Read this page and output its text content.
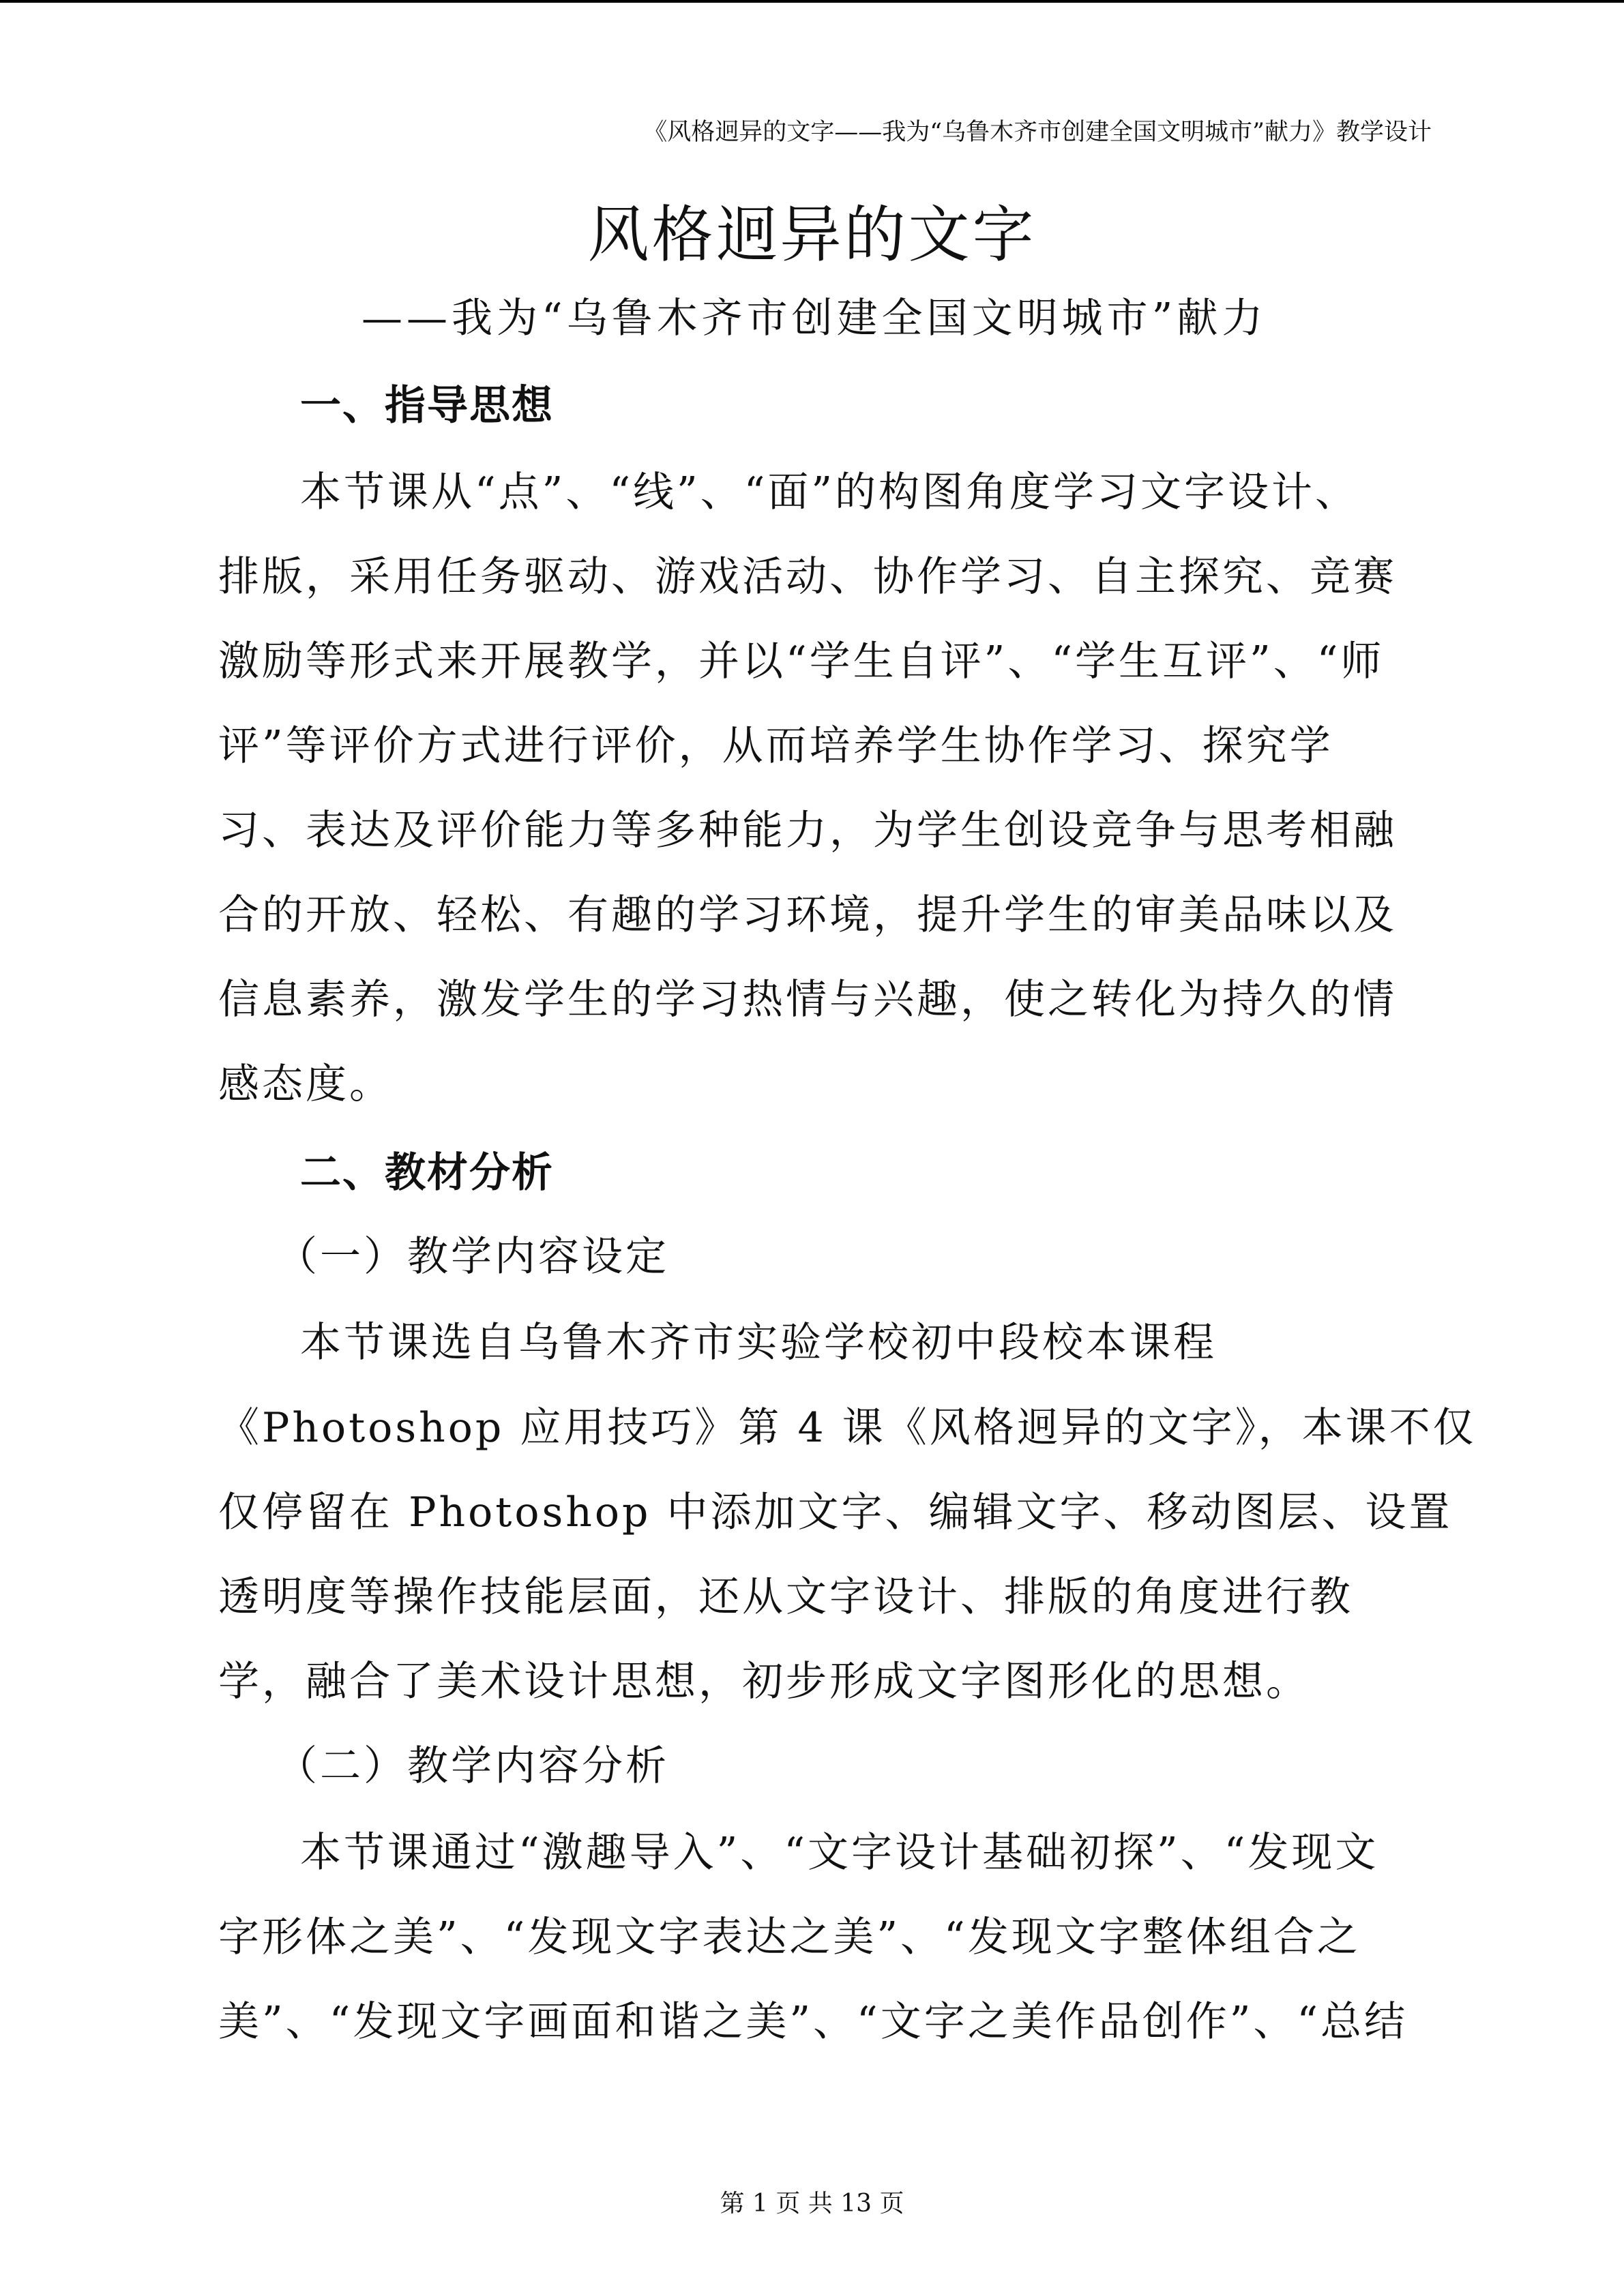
《风格迥异的文字——我为“乌鲁木齐市创建全国文明城市”献力》教学设计
风格迥异的文字
——我为“乌鲁木齐市创建全国文明城市”献力
一、指导思想
本节课从“点”、“线”、“面”的构图角度学习文字设计、
排版，采用任务驱动、游戏活动、协作学习、自主探究、竞赛
激励等形式来开展教学，并以“学生自评”、“学生互评”、“师
评”等评价方式进行评价，从而培养学生协作学习、探究学
习、表达及评价能力等多种能力，为学生创设竞争与思考相融
合的开放、轻松、有趣的学习环境，提升学生的审美品味以及
信息素养，激发学生的学习热情与兴趣，使之转化为持久的情
感态度。
二、教材分析
（一）教学内容设定
本节课选自乌鲁木齐市实验学校初中段校本课程
《Photoshop 应用技巧》第 4 课《风格迥异的文字》，本课不仅
仅停留在 Photoshop 中添加文字、编辑文字、移动图层、设置
透明度等操作技能层面，还从文字设计、排版的角度进行教
学，融合了美术设计思想，初步形成文字图形化的思想。
（二）教学内容分析
本节课通过“激趣导入”、“文字设计基础初探”、“发现文
字形体之美”、“发现文字表达之美”、“发现文字整体组合之
美”、“发现文字画面和谐之美”、“文字之美作品创作”、“总结
第 1 页 共 13 页
